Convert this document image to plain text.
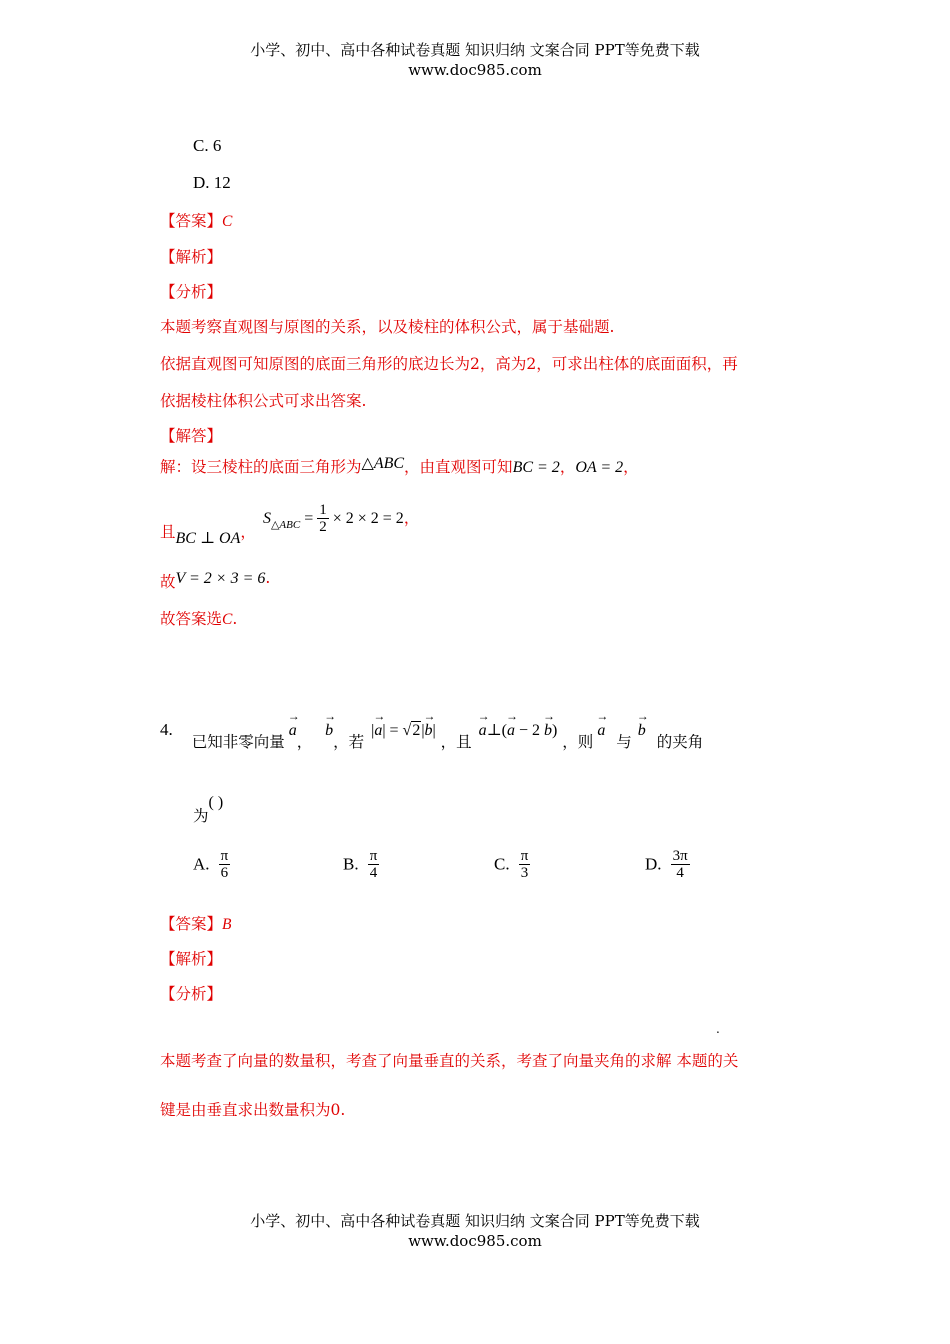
小学、初中、高中各种试卷真题 知识归纳 文案合同 PPT等免费下载
www.doc985.com
C. 6
D. 12
【答案】C
【解析】
【分析】
本题考察直观图与原图的关系，以及棱柱的体积公式，属于基础题.
依据直观图可知原图的底面三角形的底边长为2，高为2，可求出柱体的底面面积，再
依据棱柱体积公式可求出答案.
【解答】
解：设三棱柱的底面三角形为△ABC，由直观图可知BC = 2，OA = 2，
且BC ⊥ OA， $S_{\triangle ABC} = \frac{1}{2} \times 2 \times 2 = 2$，
故V = 2 × 3 = 6.
故答案选C.
4. 已知非零向量→ a， → b，若 |→ a| = √2|→ b| ，且 → a⊥(→ a − 2 → b) ，则→ a 与→ b 的夹角
为( )
A. $\frac{\pi}{6}$	B. $\frac{\pi}{4}$	C. $\frac{\pi}{3}$	D. $\frac{3\pi}{4}$
【答案】B
【解析】
【分析】
.
本题考查了向量的数量积，考查了向量垂直的关系，考查了向量夹角的求解 本题的关
键是由垂直求出数量积为0.
小学、初中、高中各种试卷真题 知识归纳 文案合同 PPT等免费下载
www.doc985.com
